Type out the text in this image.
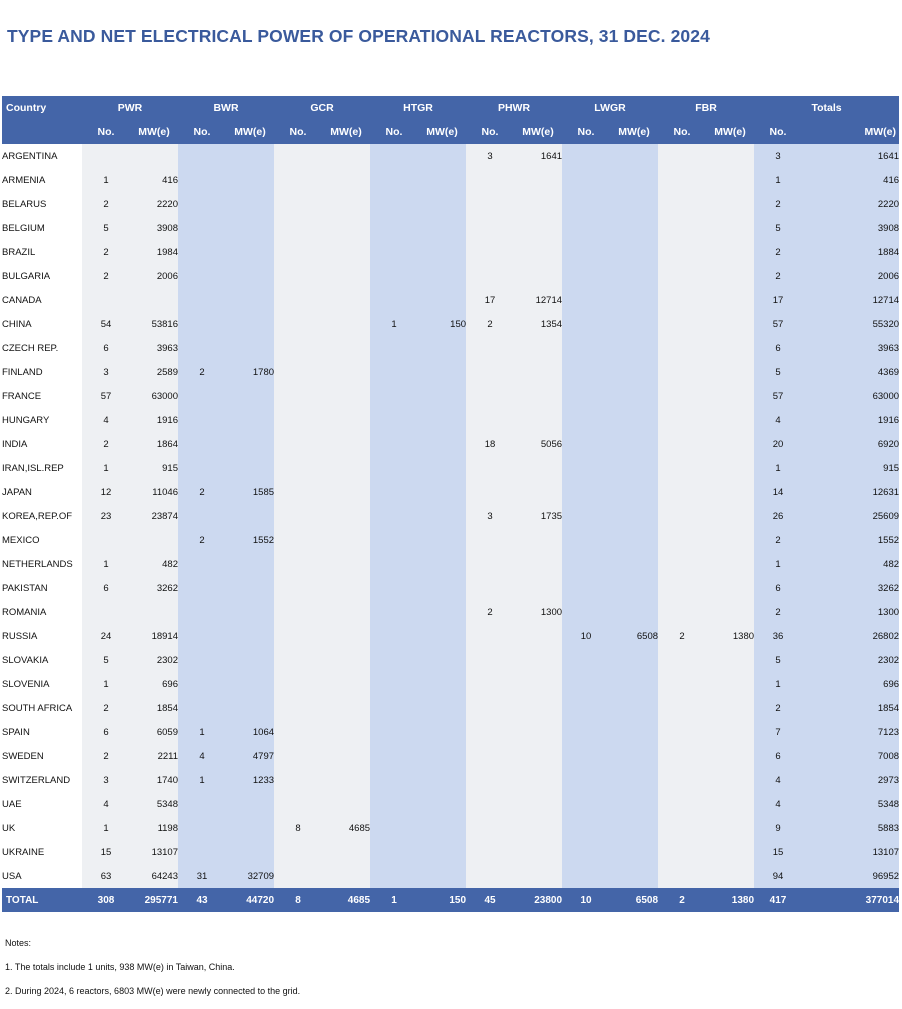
TYPE AND NET ELECTRICAL POWER OF OPERATIONAL REACTORS, 31 DEC. 2024
Country	PWR		BWR		GCR		HTGR		PHWR		LWGR		FBR		Totals	
	No.	MW(e)	No.	MW(e)	No.	MW(e)	No.	MW(e)	No.	MW(e)	No.	MW(e)	No.	MW(e)	No.	MW(e)
ARGENTINA									3	1641					3	1641
ARMENIA	1	416													1	416
BELARUS	2	2220													2	2220
BELGIUM	5	3908													5	3908
BRAZIL	2	1984													2	1884
BULGARIA	2	2006													2	2006
CANADA									17	12714					17	12714
CHINA	54	53816					1	150	2	1354					57	55320
CZECH REP.	6	3963													6	3963
FINLAND	3	2589	2	1780											5	4369
FRANCE	57	63000													57	63000
HUNGARY	4	1916													4	1916
INDIA	2	1864							18	5056					20	6920
IRAN,ISL.REP	1	915													1	915
JAPAN	12	11046	2	1585											14	12631
KOREA,REP.OF	23	23874							3	1735					26	25609
MEXICO			2	1552											2	1552
NETHERLANDS	1	482													1	482
PAKISTAN	6	3262													6	3262
ROMANIA									2	1300					2	1300
RUSSIA	24	18914									10	6508	2	1380	36	26802
SLOVAKIA	5	2302													5	2302
SLOVENIA	1	696													1	696
SOUTH AFRICA	2	1854													2	1854
SPAIN	6	6059	1	1064											7	7123
SWEDEN	2	2211	4	4797											6	7008
SWITZERLAND	3	1740	1	1233											4	2973
UAE	4	5348													4	5348
UK	1	1198			8	4685									9	5883
UKRAINE	15	13107													15	13107
USA	63	64243	31	32709											94	96952
TOTAL	308	295771	43	44720	8	4685	1	150	45	23800	10	6508	2	1380	417	377014

Notes:

1. The totals include 1 units, 938 MW(e) in Taiwan, China.

2. During 2024, 6 reactors, 6803 MW(e) were newly connected to the grid.
